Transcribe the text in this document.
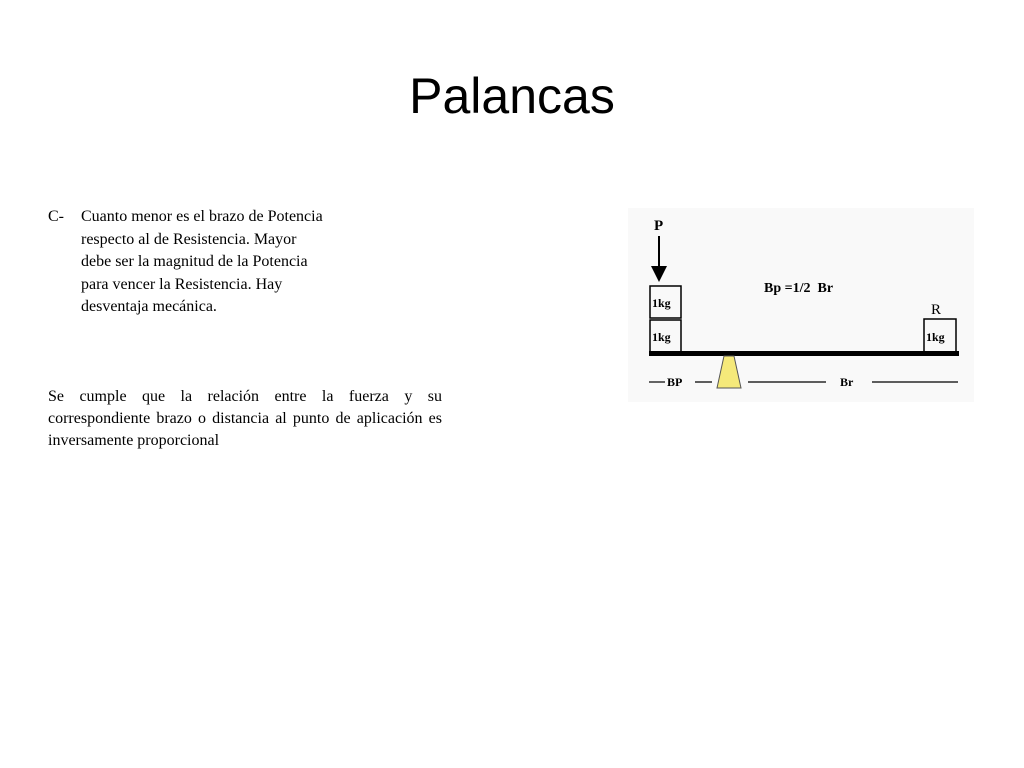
Palancas
C-	Cuanto menor es el brazo de Potencia
respecto al de Resistencia. Mayor
debe ser la magnitud de la Potencia
para vencer la Resistencia. Hay
desventaja mecánica.
Se cumple que la relación entre la fuerza y su correspondiente brazo o distancia al punto de aplicación es inversamente proporcional
P
Bp =1/2  Br
R
1kg
1kg	1kg
BP	Br
